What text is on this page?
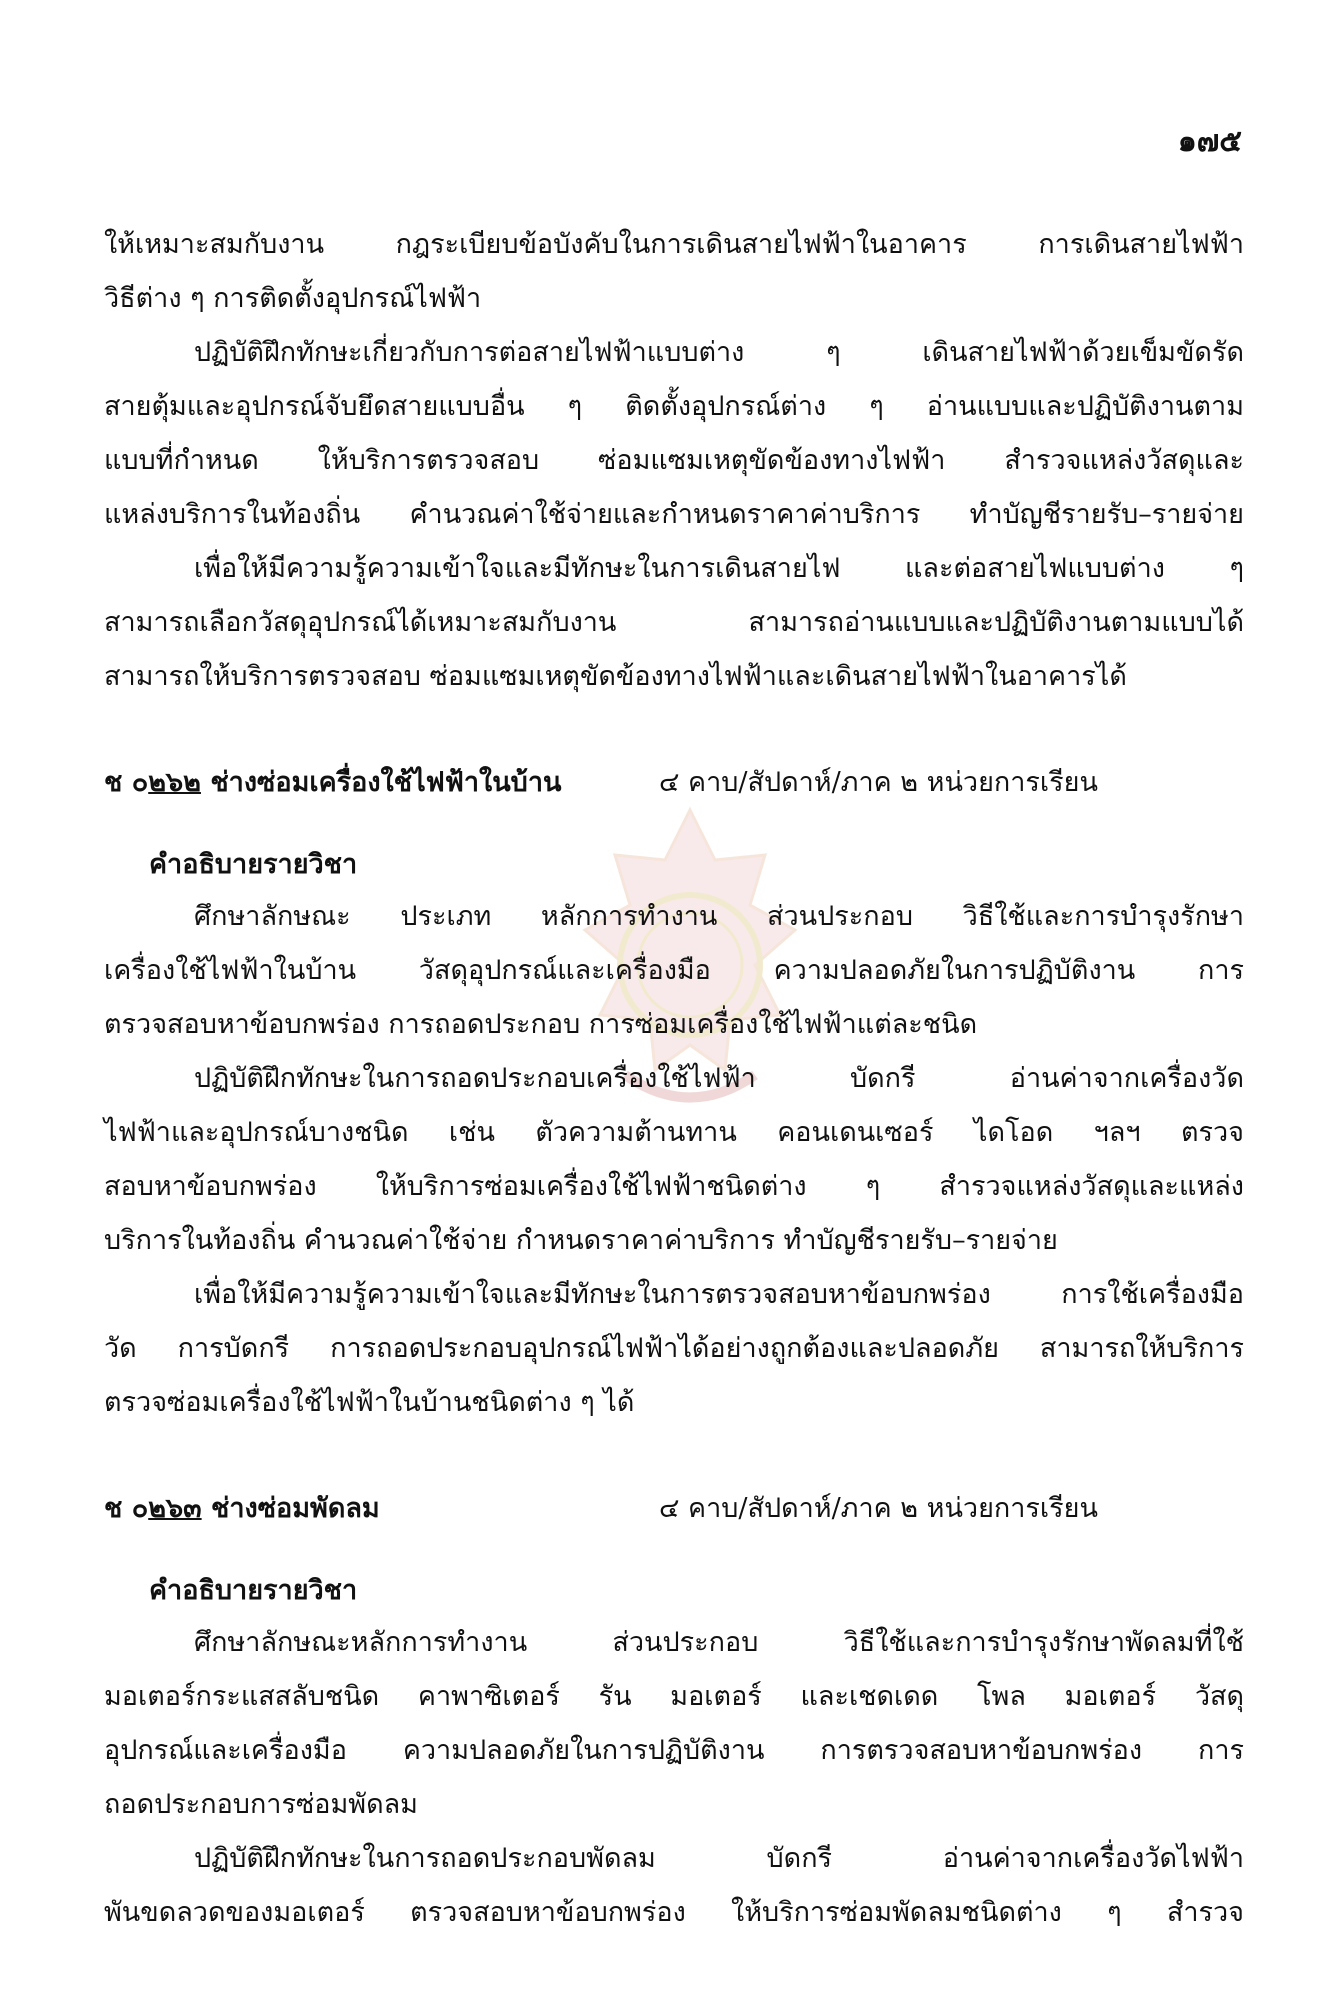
๑๗๕
ให้เหมาะสมกับงาน กฎระเบียบข้อบังคับในการเดินสายไฟฟ้าในอาคาร การเดินสายไฟฟ้า
วิธีต่าง ๆ การติดตั้งอุปกรณ์ไฟฟ้า
ปฏิบัติฝึกทักษะเกี่ยวกับการต่อสายไฟฟ้าแบบต่าง ๆ เดินสายไฟฟ้าด้วยเข็มขัดรัด
สายตุ้มและอุปกรณ์จับยึดสายแบบอื่น ๆ ติดตั้งอุปกรณ์ต่าง ๆ อ่านแบบและปฏิบัติงานตาม
แบบที่กำหนด ให้บริการตรวจสอบ ซ่อมแซมเหตุขัดข้องทางไฟฟ้า สำรวจแหล่งวัสดุและ
แหล่งบริการในท้องถิ่น คำนวณค่าใช้จ่ายและกำหนดราคาค่าบริการ ทำบัญชีรายรับ–รายจ่าย
เพื่อให้มีความรู้ความเข้าใจและมีทักษะในการเดินสายไฟ และต่อสายไฟแบบต่าง ๆ
สามารถเลือกวัสดุอุปกรณ์ได้เหมาะสมกับงาน สามารถอ่านแบบและปฏิบัติงานตามแบบได้
สามารถให้บริการตรวจสอบ ซ่อมแซมเหตุขัดข้องทางไฟฟ้าและเดินสายไฟฟ้าในอาคารได้
ช ๐๒๖๒ ช่างซ่อมเครื่องใช้ไฟฟ้าในบ้าน	๔ คาบ/สัปดาห์/ภาค ๒ หน่วยการเรียน
คำอธิบายรายวิชา
ศึกษาลักษณะ ประเภท หลักการทำงาน ส่วนประกอบ วิธีใช้และการบำรุงรักษา
เครื่องใช้ไฟฟ้าในบ้าน วัสดุอุปกรณ์และเครื่องมือ ความปลอดภัยในการปฏิบัติงาน การ
ตรวจสอบหาข้อบกพร่อง การถอดประกอบ การซ่อมเครื่องใช้ไฟฟ้าแต่ละชนิด
ปฏิบัติฝึกทักษะในการถอดประกอบเครื่องใช้ไฟฟ้า บัดกรี อ่านค่าจากเครื่องวัด
ไฟฟ้าและอุปกรณ์บางชนิด เช่น ตัวความต้านทาน คอนเดนเซอร์ ไดโอด ฯลฯ ตรวจ
สอบหาข้อบกพร่อง ให้บริการซ่อมเครื่องใช้ไฟฟ้าชนิดต่าง ๆ สำรวจแหล่งวัสดุและแหล่ง
บริการในท้องถิ่น คำนวณค่าใช้จ่าย กำหนดราคาค่าบริการ ทำบัญชีรายรับ–รายจ่าย
เพื่อให้มีความรู้ความเข้าใจและมีทักษะในการตรวจสอบหาข้อบกพร่อง การใช้เครื่องมือ
วัด การบัดกรี การถอดประกอบอุปกรณ์ไฟฟ้าได้อย่างถูกต้องและปลอดภัย สามารถให้บริการ
ตรวจซ่อมเครื่องใช้ไฟฟ้าในบ้านชนิดต่าง ๆ ได้
ช ๐๒๖๓ ช่างซ่อมพัดลม	๔ คาบ/สัปดาห์/ภาค ๒ หน่วยการเรียน
คำอธิบายรายวิชา
ศึกษาลักษณะหลักการทำงาน ส่วนประกอบ วิธีใช้และการบำรุงรักษาพัดลมที่ใช้
มอเตอร์กระแสสลับชนิด คาพาซิเตอร์ รัน มอเตอร์ และเชดเดด โพล มอเตอร์ วัสดุ
อุปกรณ์และเครื่องมือ ความปลอดภัยในการปฏิบัติงาน การตรวจสอบหาข้อบกพร่อง การ
ถอดประกอบการซ่อมพัดลม
ปฏิบัติฝึกทักษะในการถอดประกอบพัดลม บัดกรี อ่านค่าจากเครื่องวัดไฟฟ้า
พันขดลวดของมอเตอร์ ตรวจสอบหาข้อบกพร่อง ให้บริการซ่อมพัดลมชนิดต่าง ๆ สำรวจ
